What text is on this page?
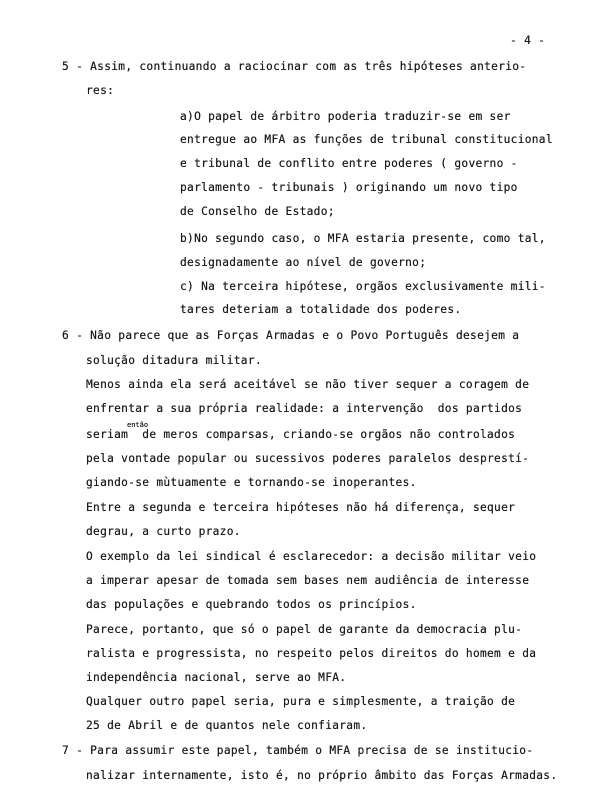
- 4 -
5 - Assim, continuando a raciocinar com as três hipóteses anterio-
res:
a)O papel de árbitro poderia traduzir-se em ser
entregue ao MFA as funções de tribunal constitucional
e tribunal de conflito entre poderes ( governo -
parlamento - tribunais ) originando um novo tipo
de Conselho de Estado;
b)No segundo caso, o MFA estaria presente, como tal,
designadamente ao nível de governo;
c) Na terceira hipótese, orgãos exclusivamente mili-
tares deteriam a totalidade dos poderes.
6 - Não parece que as Forças Armadas e o Povo Português desejem a
solução ditadura militar.
Menos ainda ela será aceitável se não tiver sequer a coragem de
enfrentar a sua própria realidade: a intervenção  dos partidos
então
seriam  de meros comparsas, criando-se orgãos não controlados
pela vontade popular ou sucessivos poderes paralelos desprestí-
giando-se mùtuamente e tornando-se inoperantes.
Entre a segunda e terceira hipóteses não há diferença, sequer
degrau, a curto prazo.
O exemplo da lei sindical é esclarecedor: a decisão militar veio
a imperar apesar de tomada sem bases nem audiência de interesse
das populações e quebrando todos os princípios.
Parece, portanto, que só o papel de garante da democracia plu-
ralista e progressista, no respeito pelos direitos do homem e da
independência nacional, serve ao MFA.
Qualquer outro papel seria, pura e simplesmente, a traição de
25 de Abril e de quantos nele confiaram.
7 - Para assumir este papel, também o MFA precisa de se institucio-
nalizar internamente, isto é, no próprio âmbito das Forças Armadas.
